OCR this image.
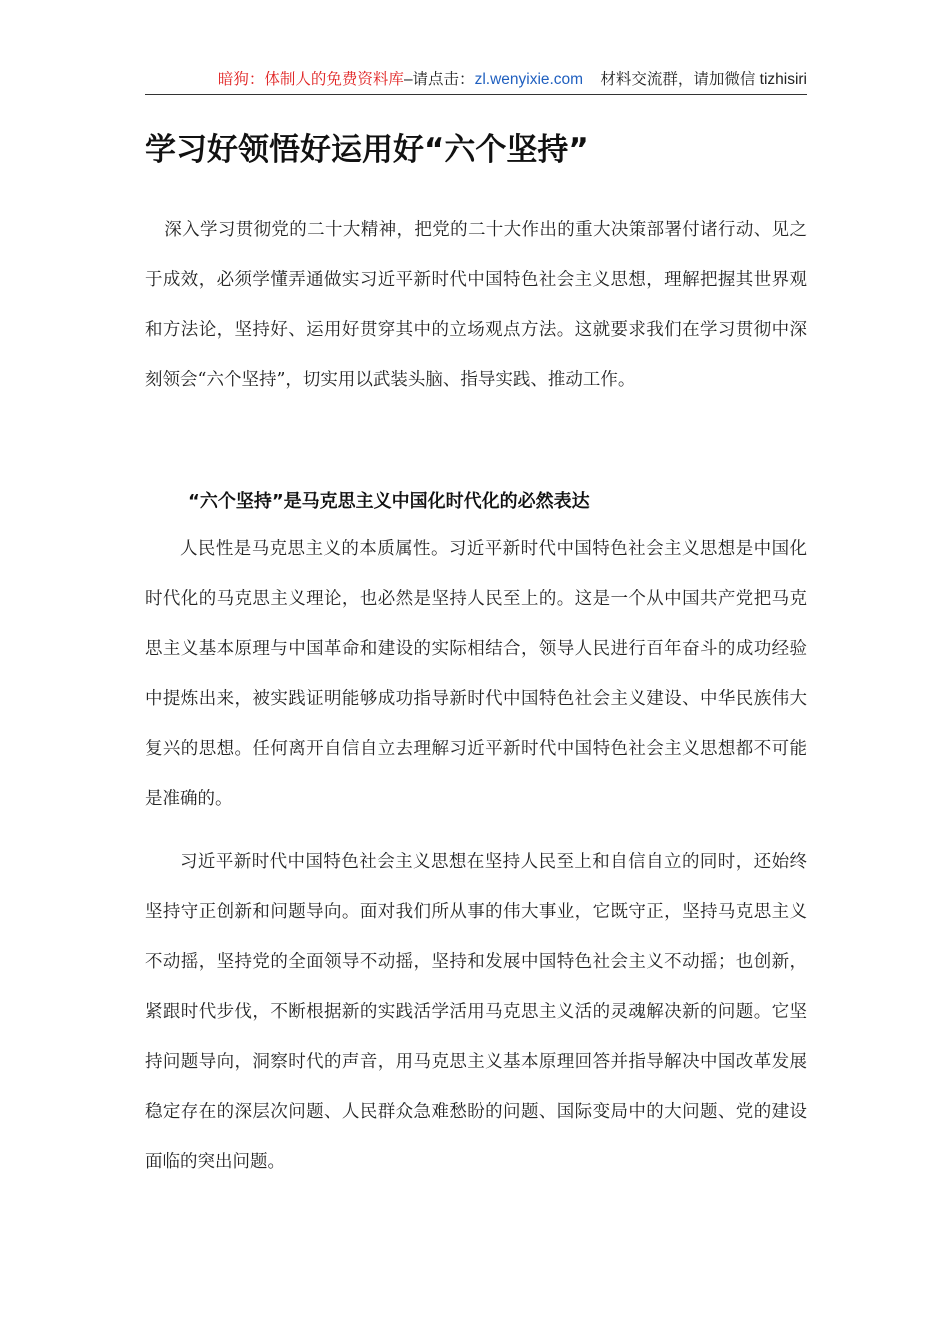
暗狗：体制人的免费资料库–请点击：zl.wenyixie.com 材料交流群，请加微信 tizhisiri
学习好领悟好运用好“六个坚持”

深入学习贯彻党的二十大精神，把党的二十大作出的重大决策部署付诸行动、见之于成效，必须学懂弄通做实习近平新时代中国特色社会主义思想，理解把握其世界观和方法论，坚持好、运用好贯穿其中的立场观点方法。这就要求我们在学习贯彻中深刻领会“六个坚持”，切实用以武装头脑、指导实践、推动工作。

“六个坚持”是马克思主义中国化时代化的必然表达

人民性是马克思主义的本质属性。习近平新时代中国特色社会主义思想是中国化时代化的马克思主义理论，也必然是坚持人民至上的。这是一个从中国共产党把马克思主义基本原理与中国革命和建设的实际相结合，领导人民进行百年奋斗的成功经验中提炼出来，被实践证明能够成功指导新时代中国特色社会主义建设、中华民族伟大复兴的思想。任何离开自信自立去理解习近平新时代中国特色社会主义思想都不可能是准确的。

习近平新时代中国特色社会主义思想在坚持人民至上和自信自立的同时，还始终坚持守正创新和问题导向。面对我们所从事的伟大事业，它既守正，坚持马克思主义不动摇，坚持党的全面领导不动摇，坚持和发展中国特色社会主义不动摇；也创新，紧跟时代步伐，不断根据新的实践活学活用马克思主义活的灵魂解决新的问题。它坚持问题导向，洞察时代的声音，用马克思主义基本原理回答并指导解决中国改革发展稳定存在的深层次问题、人民群众急难愁盼的问题、国际变局中的大问题、党的建设面临的突出问题。
